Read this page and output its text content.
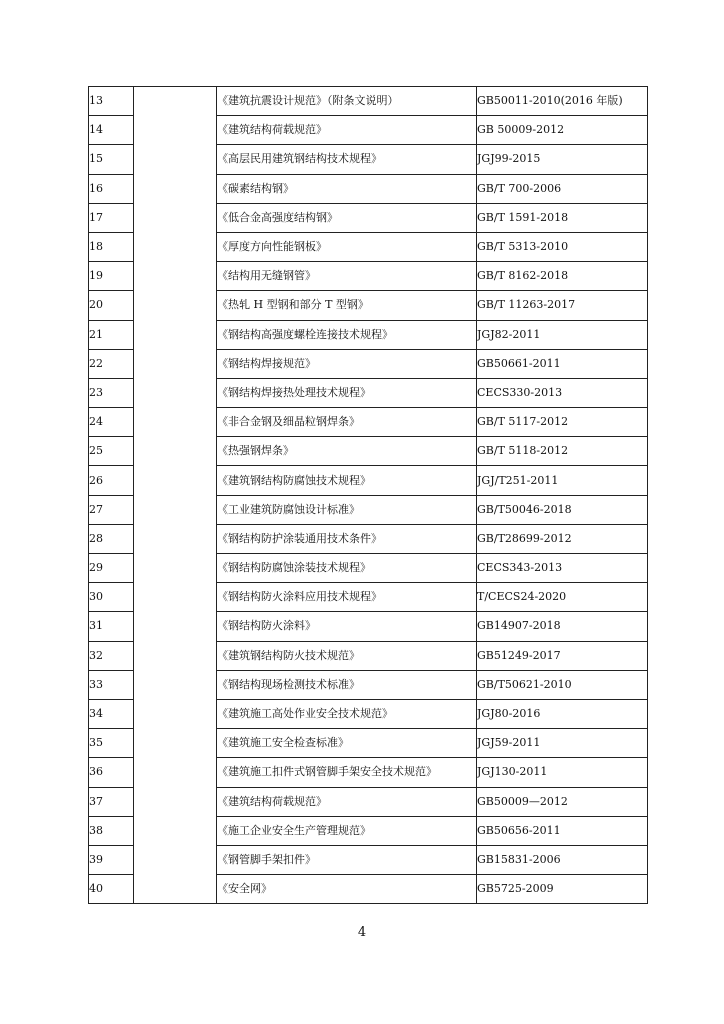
13		《建筑抗震设计规范》（附条文说明）	GB50011-2010(2016 年版)
14		《建筑结构荷载规范》	GB 50009-2012
15		《高层民用建筑钢结构技术规程》	JGJ99-2015
16		《碳素结构钢》	GB/T 700-2006
17		《低合金高强度结构钢》	GB/T 1591-2018
18		《厚度方向性能钢板》	GB/T 5313-2010
19		《结构用无缝钢管》	GB/T 8162-2018
20		《热轧 H 型钢和部分 T 型钢》	GB/T 11263-2017
21		《钢结构高强度螺栓连接技术规程》	JGJ82-2011
22		《钢结构焊接规范》	GB50661-2011
23		《钢结构焊接热处理技术规程》	CECS330-2013
24		《非合金钢及细晶粒钢焊条》	GB/T 5117-2012
25		《热强钢焊条》	GB/T 5118-2012
26		《建筑钢结构防腐蚀技术规程》	JGJ/T251-2011
27		《工业建筑防腐蚀设计标准》	GB/T50046-2018
28		《钢结构防护涂装通用技术条件》	GB/T28699-2012
29		《钢结构防腐蚀涂装技术规程》	CECS343-2013
30		《钢结构防火涂料应用技术规程》	T/CECS24-2020
31		《钢结构防火涂料》	GB14907-2018
32		《建筑钢结构防火技术规范》	GB51249-2017
33		《钢结构现场检测技术标准》	GB/T50621-2010
34		《建筑施工高处作业安全技术规范》	JGJ80-2016
35		《建筑施工安全检查标准》	JGJ59-2011
36		《建筑施工扣件式钢管脚手架安全技术规范》	JGJ130-2011
37		《建筑结构荷载规范》	GB50009—2012
38		《施工企业安全生产管理规范》	GB50656-2011
39		《钢管脚手架扣件》	GB15831-2006
40		《安全网》	GB5725-2009
4
